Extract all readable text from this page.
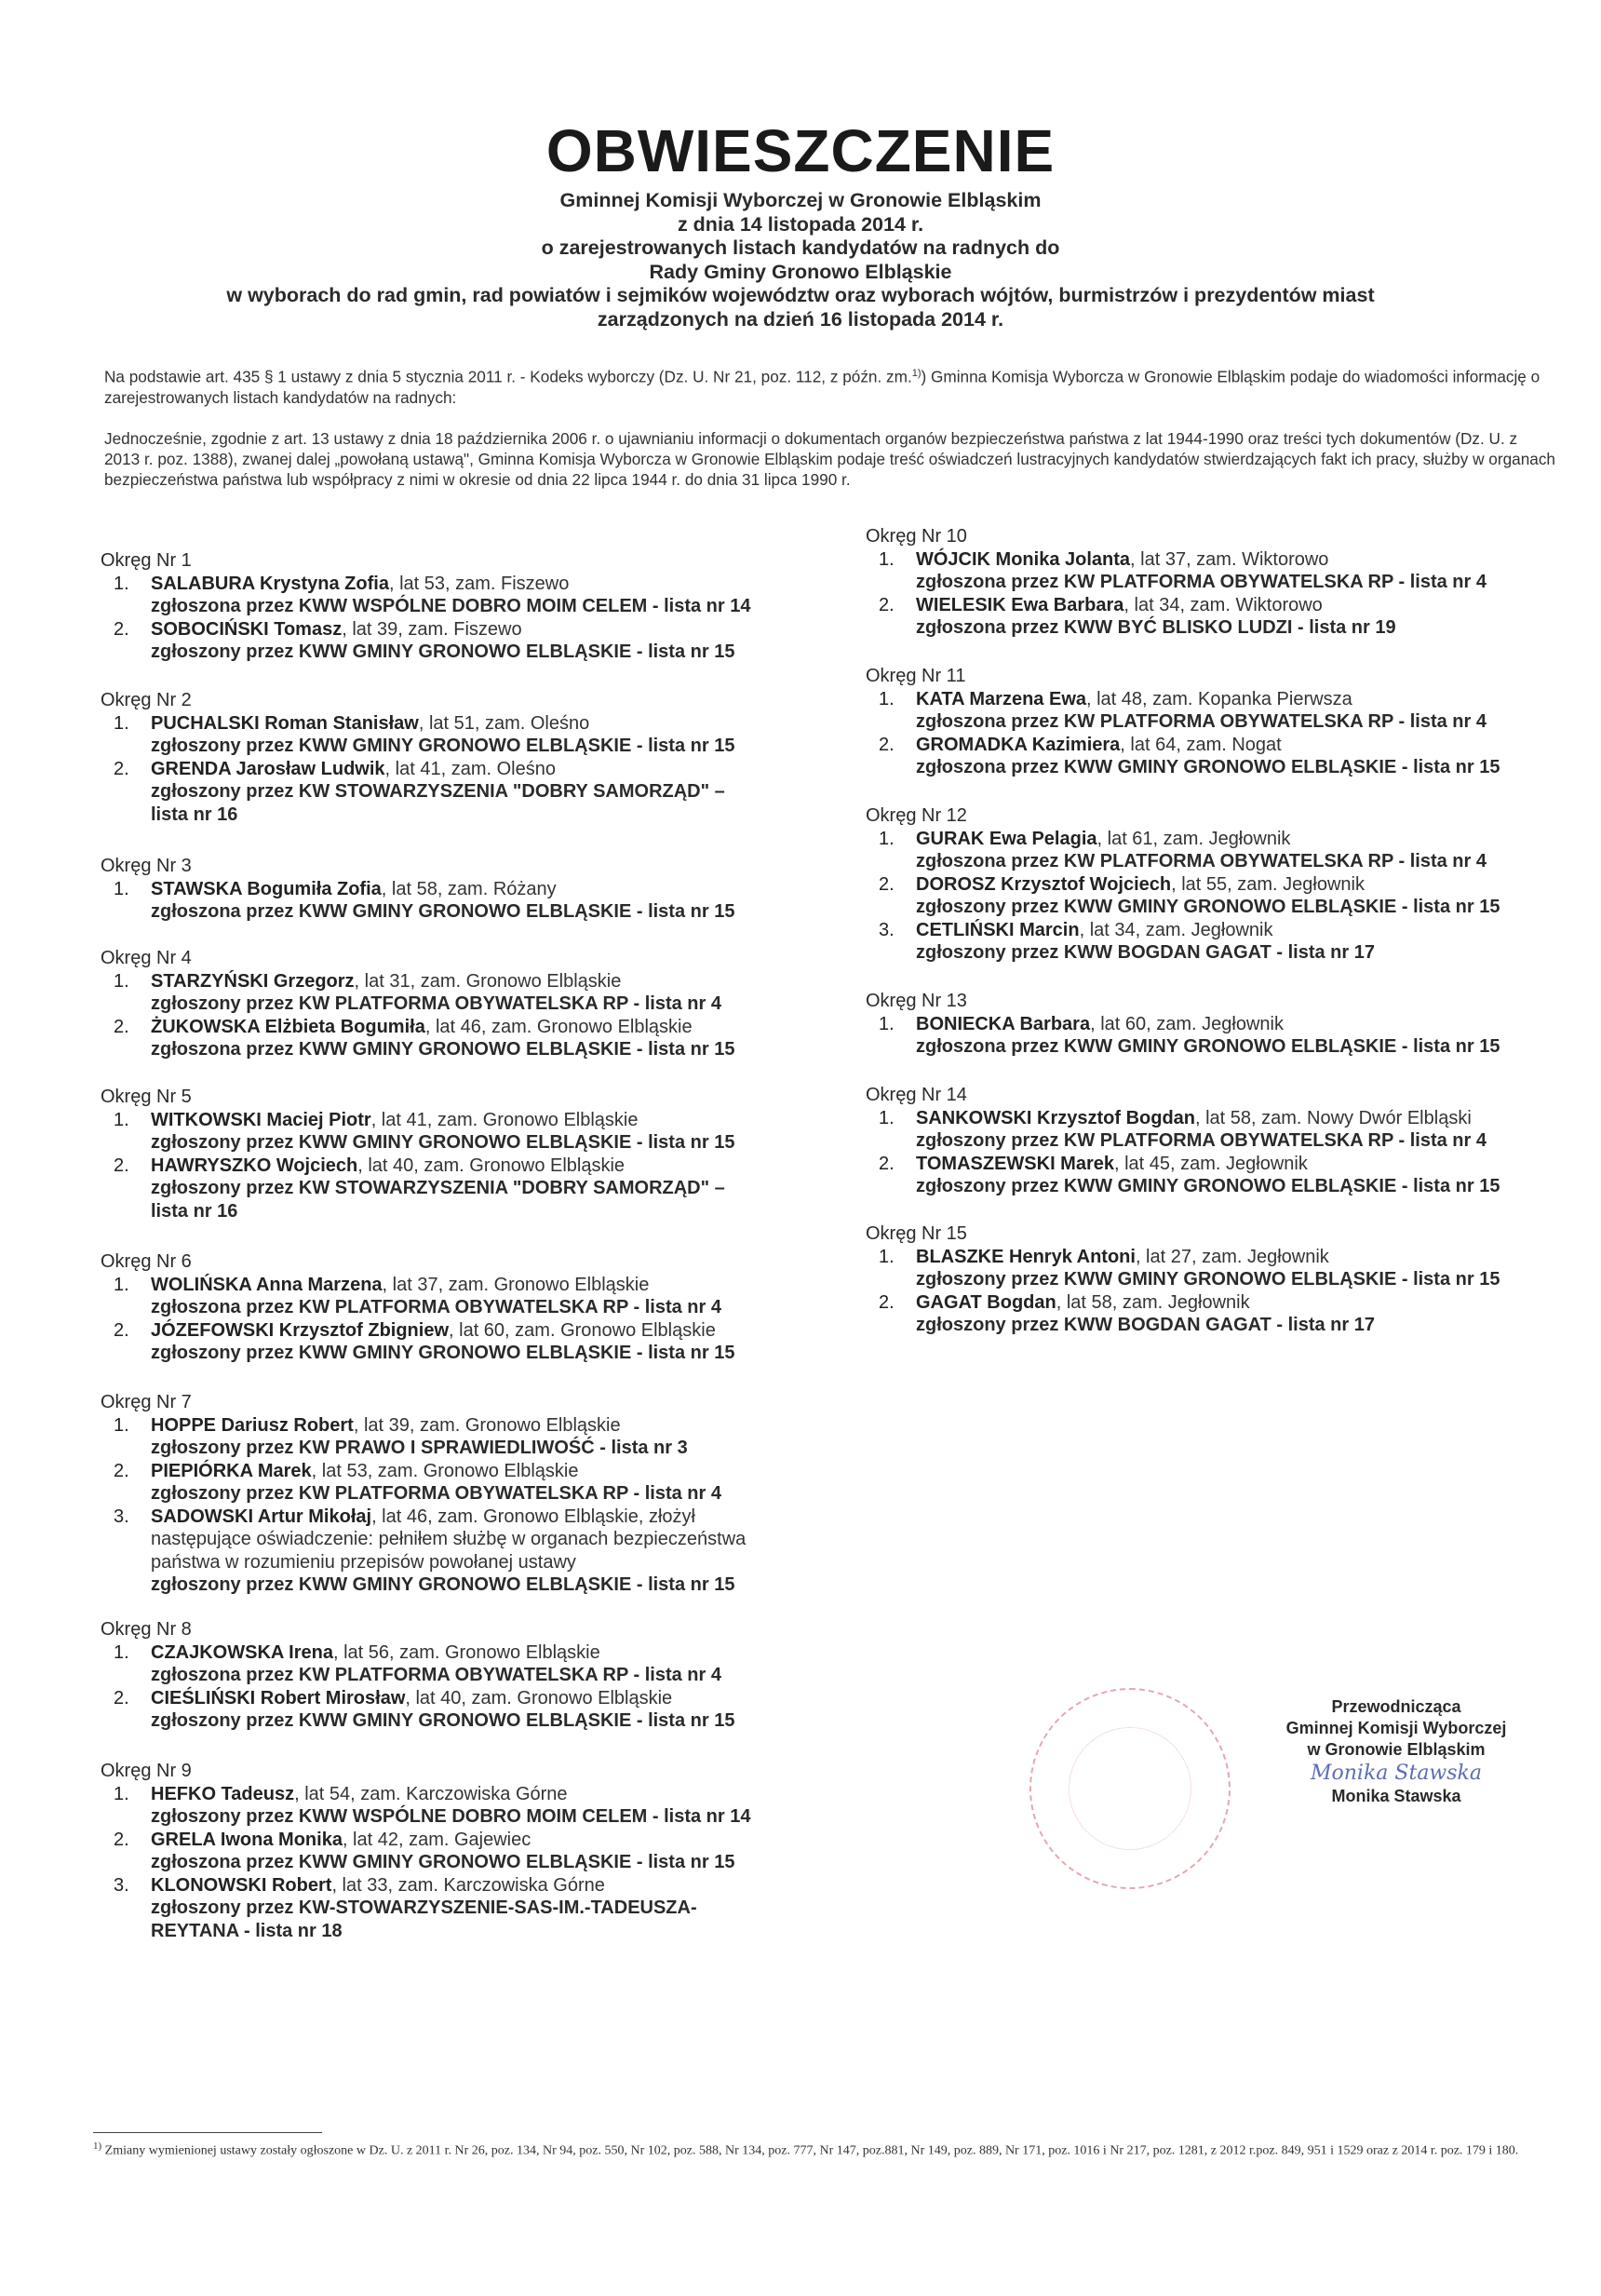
OBWIESZCZENIE
Gminnej Komisji Wyborczej w Gronowie Elbląskim
z dnia 14 listopada 2014 r.
o zarejestrowanych listach kandydatów na radnych do
Rady Gminy Gronowo Elbląskie
w wyborach do rad gmin, rad powiatów i sejmików województw oraz wyborach wójtów, burmistrzów i prezydentów miast
zarządzonych na dzień 16 listopada 2014 r.
Na podstawie art. 435 § 1 ustawy z dnia 5 stycznia 2011 r. - Kodeks wyborczy (Dz. U. Nr 21, poz. 112, z późn. zm.$^{1)}$) Gminna Komisja Wyborcza w Gronowie Elbląskim podaje do wiadomości informację o zarejestrowanych listach kandydatów na radnych:
Jednocześnie, zgodnie z art. 13 ustawy z dnia 18 października 2006 r. o ujawnianiu informacji o dokumentach organów bezpieczeństwa państwa z lat 1944-1990 oraz treści tych dokumentów (Dz. U. z 2013 r. poz. 1388), zwanej dalej „powołaną ustawą", Gminna Komisja Wyborcza w Gronowie Elbląskim podaje treść oświadczeń lustracyjnych kandydatów stwierdzających fakt ich pracy, służby w organach bezpieczeństwa państwa lub współpracy z nimi w okresie od dnia 22 lipca 1944 r. do dnia 31 lipca 1990 r.
Okręg Nr 1
1. SALABURA Krystyna Zofia, lat 53, zam. Fiszewo
zgłoszona przez KWW WSPÓLNE DOBRO MOIM CELEM - lista nr 14
2. SOBOCIŃSKI Tomasz, lat 39, zam. Fiszewo
zgłoszony przez KWW GMINY GRONOWO ELBLĄSKIE - lista nr 15
Okręg Nr 2
1. PUCHALSKI Roman Stanisław, lat 51, zam. Oleśno
zgłoszony przez KWW GMINY GRONOWO ELBLĄSKIE - lista nr 15
2. GRENDA Jarosław Ludwik, lat 41, zam. Oleśno
zgłoszony przez KW STOWARZYSZENIA "DOBRY SAMORZĄD" –
lista nr 16
Okręg Nr 3
1. STAWSKA Bogumiła Zofia, lat 58, zam. Różany
zgłoszona przez KWW GMINY GRONOWO ELBLĄSKIE - lista nr 15
Okręg Nr 4
1. STARZYŃSKI Grzegorz, lat 31, zam. Gronowo Elbląskie
zgłoszony przez KW PLATFORMA OBYWATELSKA RP - lista nr 4
2. ŻUKOWSKA Elżbieta Bogumiła, lat 46, zam. Gronowo Elbląskie
zgłoszona przez KWW GMINY GRONOWO ELBLĄSKIE - lista nr 15
Okręg Nr 5
1. WITKOWSKI Maciej Piotr, lat 41, zam. Gronowo Elbląskie
zgłoszony przez KWW GMINY GRONOWO ELBLĄSKIE - lista nr 15
2. HAWRYSZKO Wojciech, lat 40, zam. Gronowo Elbląskie
zgłoszony przez KW STOWARZYSZENIA "DOBRY SAMORZĄD" –
lista nr 16
Okręg Nr 6
1. WOLIŃSKA Anna Marzena, lat 37, zam. Gronowo Elbląskie
zgłoszona przez KW PLATFORMA OBYWATELSKA RP - lista nr 4
2. JÓZEFOWSKI Krzysztof Zbigniew, lat 60, zam. Gronowo Elbląskie
zgłoszony przez KWW GMINY GRONOWO ELBLĄSKIE - lista nr 15
Okręg Nr 7
1. HOPPE Dariusz Robert, lat 39, zam. Gronowo Elbląskie
zgłoszony przez KW PRAWO I SPRAWIEDLIWOŚĆ - lista nr 3
2. PIEPIÓRKA Marek, lat 53, zam. Gronowo Elbląskie
zgłoszony przez KW PLATFORMA OBYWATELSKA RP - lista nr 4
3. SADOWSKI Artur Mikołaj, lat 46, zam. Gronowo Elbląskie, złożył
następujące oświadczenie: pełniłem służbę w organach bezpieczeństwa
państwa w rozumieniu przepisów powołanej ustawy
zgłoszony przez KWW GMINY GRONOWO ELBLĄSKIE - lista nr 15
Okręg Nr 8
1. CZAJKOWSKA Irena, lat 56, zam. Gronowo Elbląskie
zgłoszona przez KW PLATFORMA OBYWATELSKA RP - lista nr 4
2. CIEŚLIŃSKI Robert Mirosław, lat 40, zam. Gronowo Elbląskie
zgłoszony przez KWW GMINY GRONOWO ELBLĄSKIE - lista nr 15
Okręg Nr 9
1. HEFKO Tadeusz, lat 54, zam. Karczowiska Górne
zgłoszony przez KWW WSPÓLNE DOBRO MOIM CELEM - lista nr 14
2. GRELA Iwona Monika, lat 42, zam. Gajewiec
zgłoszona przez KWW GMINY GRONOWO ELBLĄSKIE - lista nr 15
3. KLONOWSKI Robert, lat 33, zam. Karczowiska Górne
zgłoszony przez KW-STOWARZYSZENIE-SAS-IM.-TADEUSZA-
REYTANA - lista nr 18
Okręg Nr 10
1. WÓJCIK Monika Jolanta, lat 37, zam. Wiktorowo
zgłoszona przez KW PLATFORMA OBYWATELSKA RP - lista nr 4
2. WIELESIK Ewa Barbara, lat 34, zam. Wiktorowo
zgłoszona przez KWW BYĆ BLISKO LUDZI - lista nr 19
Okręg Nr 11
1. KATA Marzena Ewa, lat 48, zam. Kopanka Pierwsza
zgłoszona przez KW PLATFORMA OBYWATELSKA RP - lista nr 4
2. GROMADKA Kazimiera, lat 64, zam. Nogat
zgłoszona przez KWW GMINY GRONOWO ELBLĄSKIE - lista nr 15
Okręg Nr 12
1. GURAK Ewa Pelagia, lat 61, zam. Jegłownik
zgłoszona przez KW PLATFORMA OBYWATELSKA RP - lista nr 4
2. DOROSZ Krzysztof Wojciech, lat 55, zam. Jegłownik
zgłoszony przez KWW GMINY GRONOWO ELBLĄSKIE - lista nr 15
3. CETLIŃSKI Marcin, lat 34, zam. Jegłownik
zgłoszony przez KWW BOGDAN GAGAT - lista nr 17
Okręg Nr 13
1. BONIECKA Barbara, lat 60, zam. Jegłownik
zgłoszona przez KWW GMINY GRONOWO ELBLĄSKIE - lista nr 15
Okręg Nr 14
1. SANKOWSKI Krzysztof Bogdan, lat 58, zam. Nowy Dwór Elbląski
zgłoszony przez KW PLATFORMA OBYWATELSKA RP - lista nr 4
2. TOMASZEWSKI Marek, lat 45, zam. Jegłownik
zgłoszony przez KWW GMINY GRONOWO ELBLĄSKIE - lista nr 15
Okręg Nr 15
1. BLASZKE Henryk Antoni, lat 27, zam. Jegłownik
zgłoszony przez KWW GMINY GRONOWO ELBLĄSKIE - lista nr 15
2. GAGAT Bogdan, lat 58, zam. Jegłownik
zgłoszony przez KWW BOGDAN GAGAT - lista nr 17
Przewodnicząca
Gminnej Komisji Wyborczej
w Gronowie Elbląskim
Monika Stawska
Monika Stawska
$^{1)}$ Zmiany wymienionej ustawy zostały ogłoszone w Dz. U. z 2011 r. Nr 26, poz. 134, Nr 94, poz. 550, Nr 102, poz. 588, Nr 134, poz. 777, Nr 147, poz.881, Nr 149, poz. 889, Nr 171, poz. 1016 i Nr 217, poz. 1281, z 2012 r.poz. 849, 951 i 1529 oraz z 2014 r. poz. 179 i 180.
